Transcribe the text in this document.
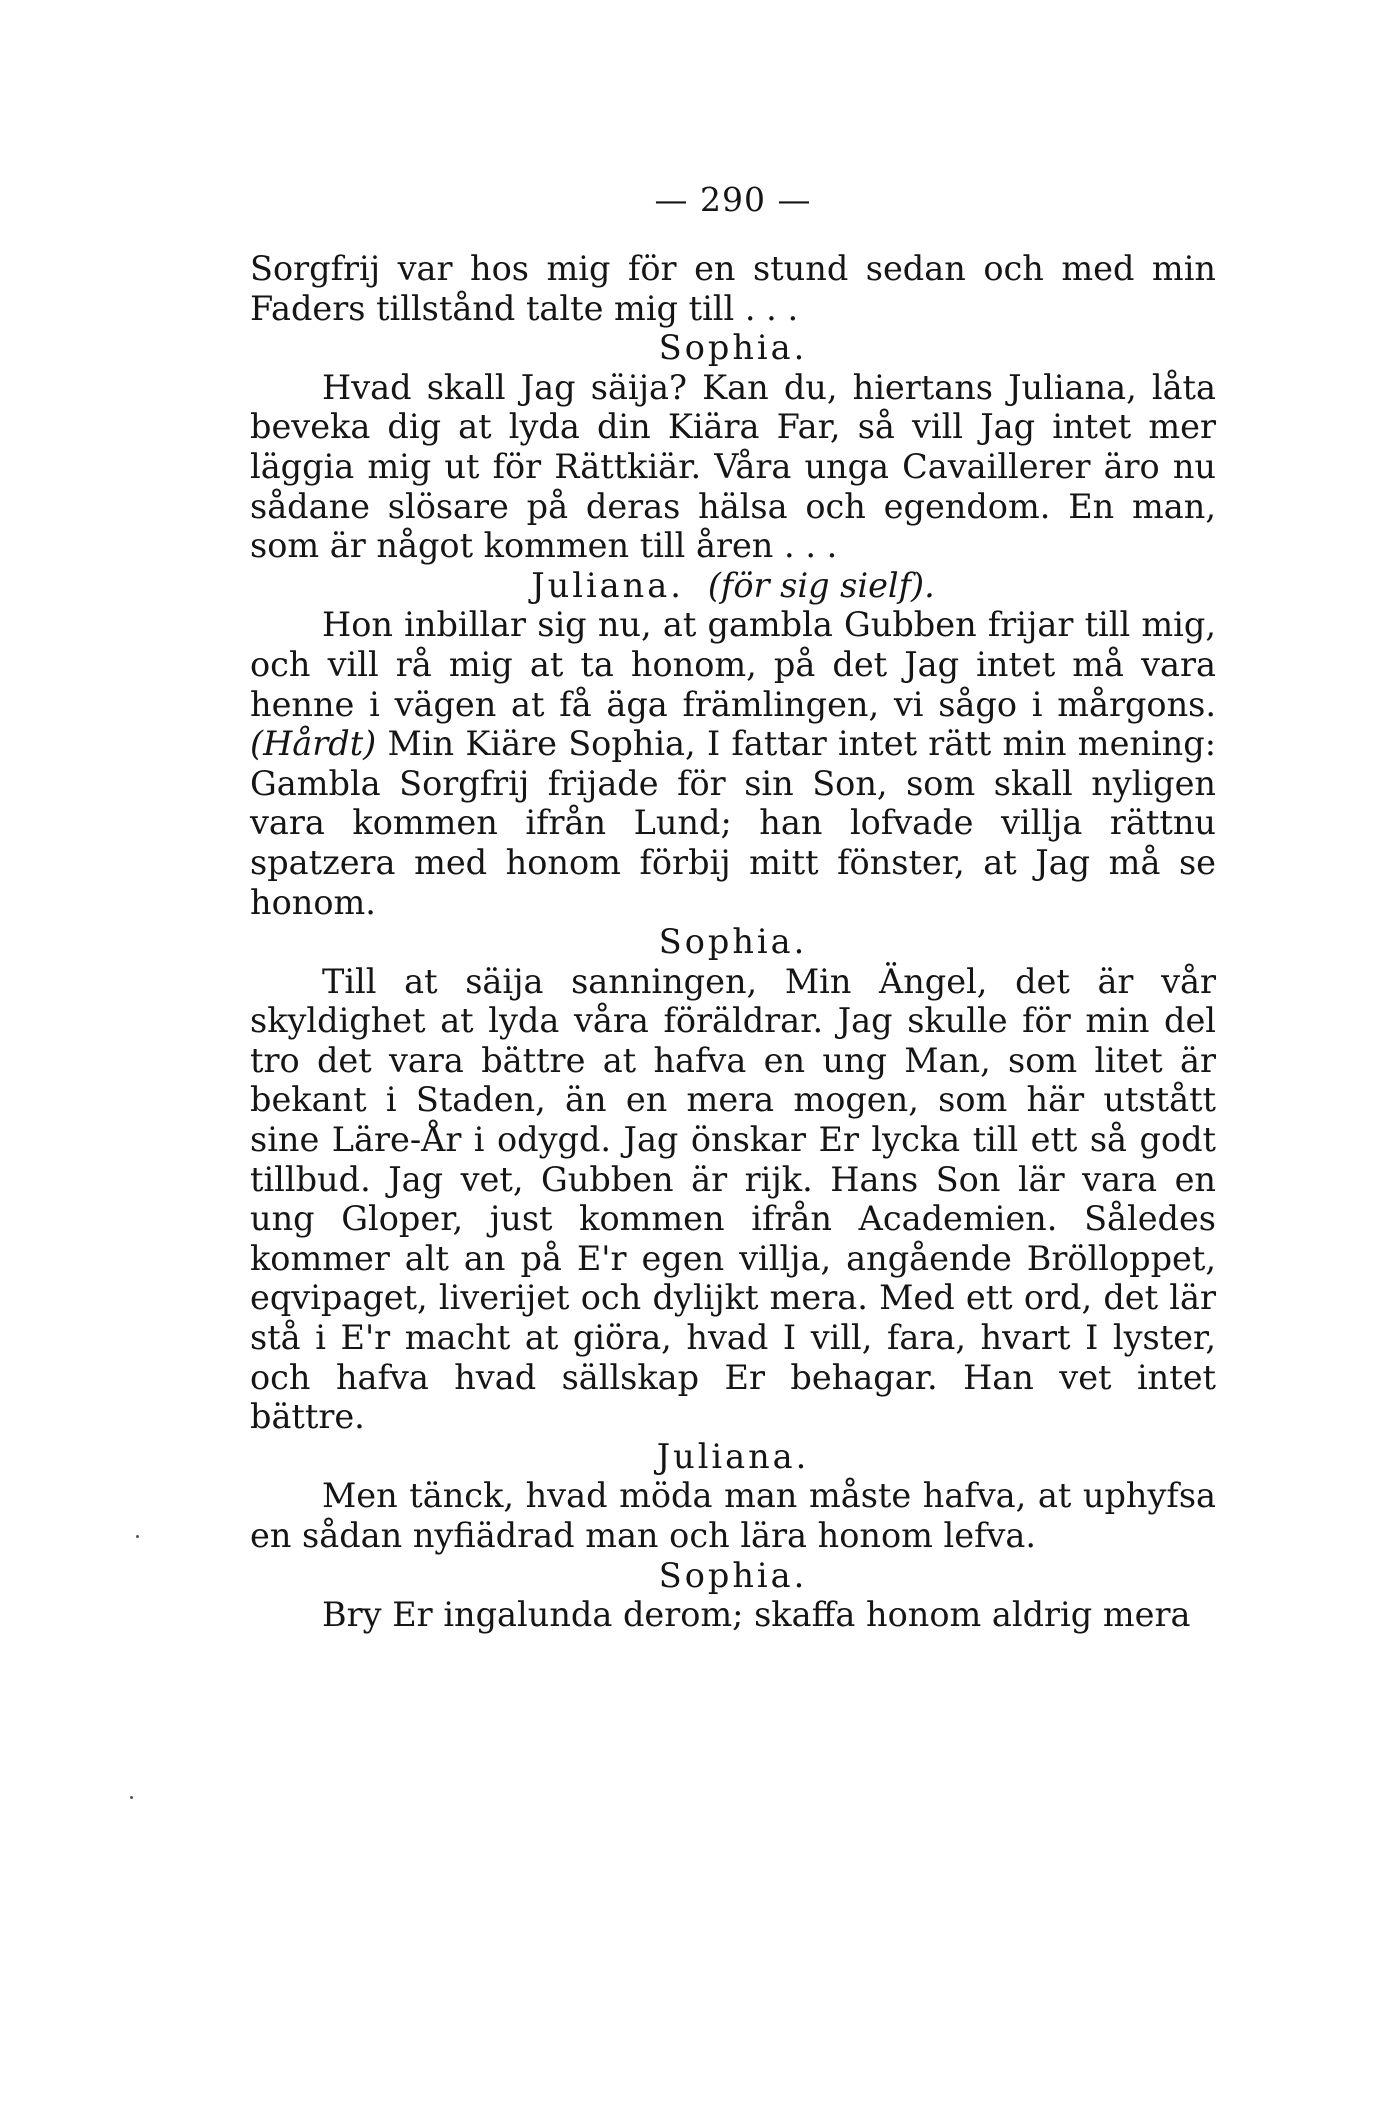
— 290 —

Sorgfrij var hos mig för en stund sedan och med min Faders tillstånd talte mig till . . .

Sophia.

Hvad skall Jag säija? Kan du, hiertans Juliana, låta beveka dig at lyda din Kiära Far, så vill Jag intet mer läggia mig ut för Rättkiär. Våra unga Cavaillerer äro nu sådane slösare på deras hälsa och egendom. En man, som är något kommen till åren . . .

Juliana. (för sig sielf).

Hon inbillar sig nu, at gambla Gubben frijar till mig, och vill rå mig at ta honom, på det Jag intet må vara henne i vägen at få äga främlingen, vi sågo i mårgons. (Hårdt) Min Kiäre Sophia, I fattar intet rätt min mening: Gambla Sorgfrij frijade för sin Son, som skall nyligen vara kommen ifrån Lund; han lofvade villja rättnu spatzera med honom förbij mitt fönster, at Jag må se honom.

Sophia.

Till at säija sanningen, Min Ängel, det är vår skyldighet at lyda våra föräldrar. Jag skulle för min del tro det vara bättre at hafva en ung Man, som litet är bekant i Staden, än en mera mogen, som här utstått sine Läre-År i odygd. Jag önskar Er lycka till ett så godt tillbud. Jag vet, Gubben är rijk. Hans Son lär vara en ung Gloper, just kommen ifrån Academien. Således kommer alt an på E'r egen villja, angående Brölloppet, eqvipaget, liverijet och dylijkt mera. Med ett ord, det lär stå i E'r macht at giöra, hvad I vill, fara, hvart I lyster, och hafva hvad sällskap Er behagar. Han vet intet bättre.

Juliana.

Men tänck, hvad möda man måste hafva, at uphyfsa en sådan nyfiädrad man och lära honom lefva.

Sophia.

Bry Er ingalunda derom; skaffa honom aldrig mera
